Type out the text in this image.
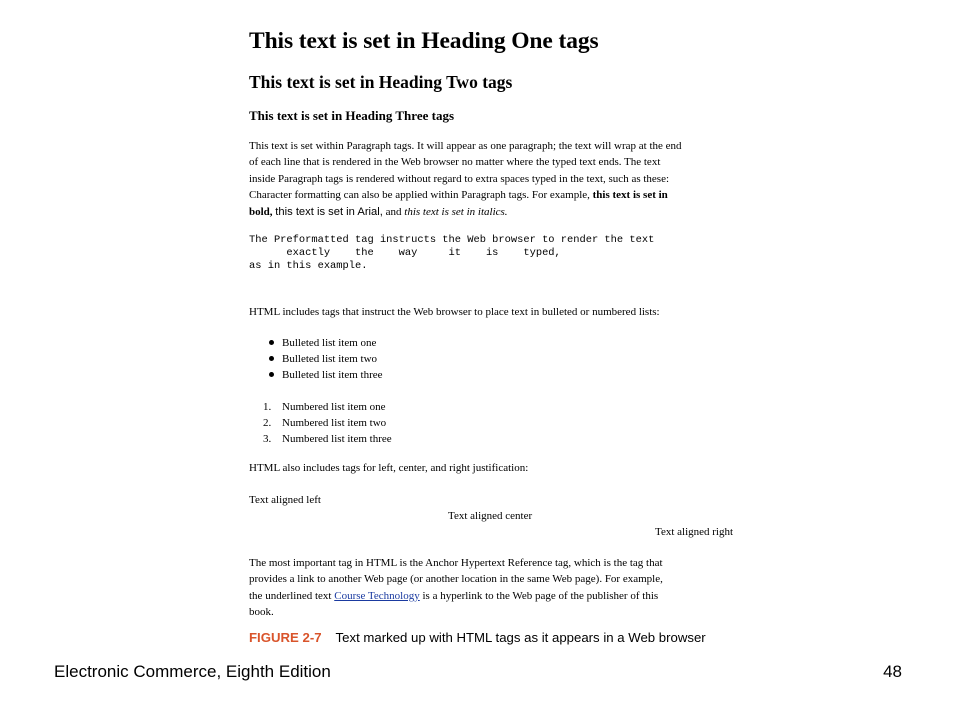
This text is set in Heading One tags
This text is set in Heading Two tags
This text is set in Heading Three tags
This text is set within Paragraph tags. It will appear as one paragraph; the text will wrap at the end
of each line that is rendered in the Web browser no matter where the typed text ends. The text
inside Paragraph tags is rendered without regard to extra spaces typed in the text, such as these:
Character formatting can also be applied within Paragraph tags. For example, this text is set in
bold, this text is set in Arial, and this text is set in italics.
The Preformatted tag instructs the Web browser to render the text
exactly    the    way     it    is    typed,
as in this example.
HTML includes tags that instruct the Web browser to place text in bulleted or numbered lists:
Bulleted list item one
Bulleted list item two
Bulleted list item three
1. Numbered list item one
2. Numbered list item two
3. Numbered list item three
HTML also includes tags for left, center, and right justification:
Text aligned left
Text aligned center
Text aligned right
The most important tag in HTML is the Anchor Hypertext Reference tag, which is the tag that
provides a link to another Web page (or another location in the same Web page). For example,
the underlined text Course Technology is a hyperlink to the Web page of the publisher of this
book.
FIGURE 2-7 Text marked up with HTML tags as it appears in a Web browser
Electronic Commerce, Eighth Edition	48
